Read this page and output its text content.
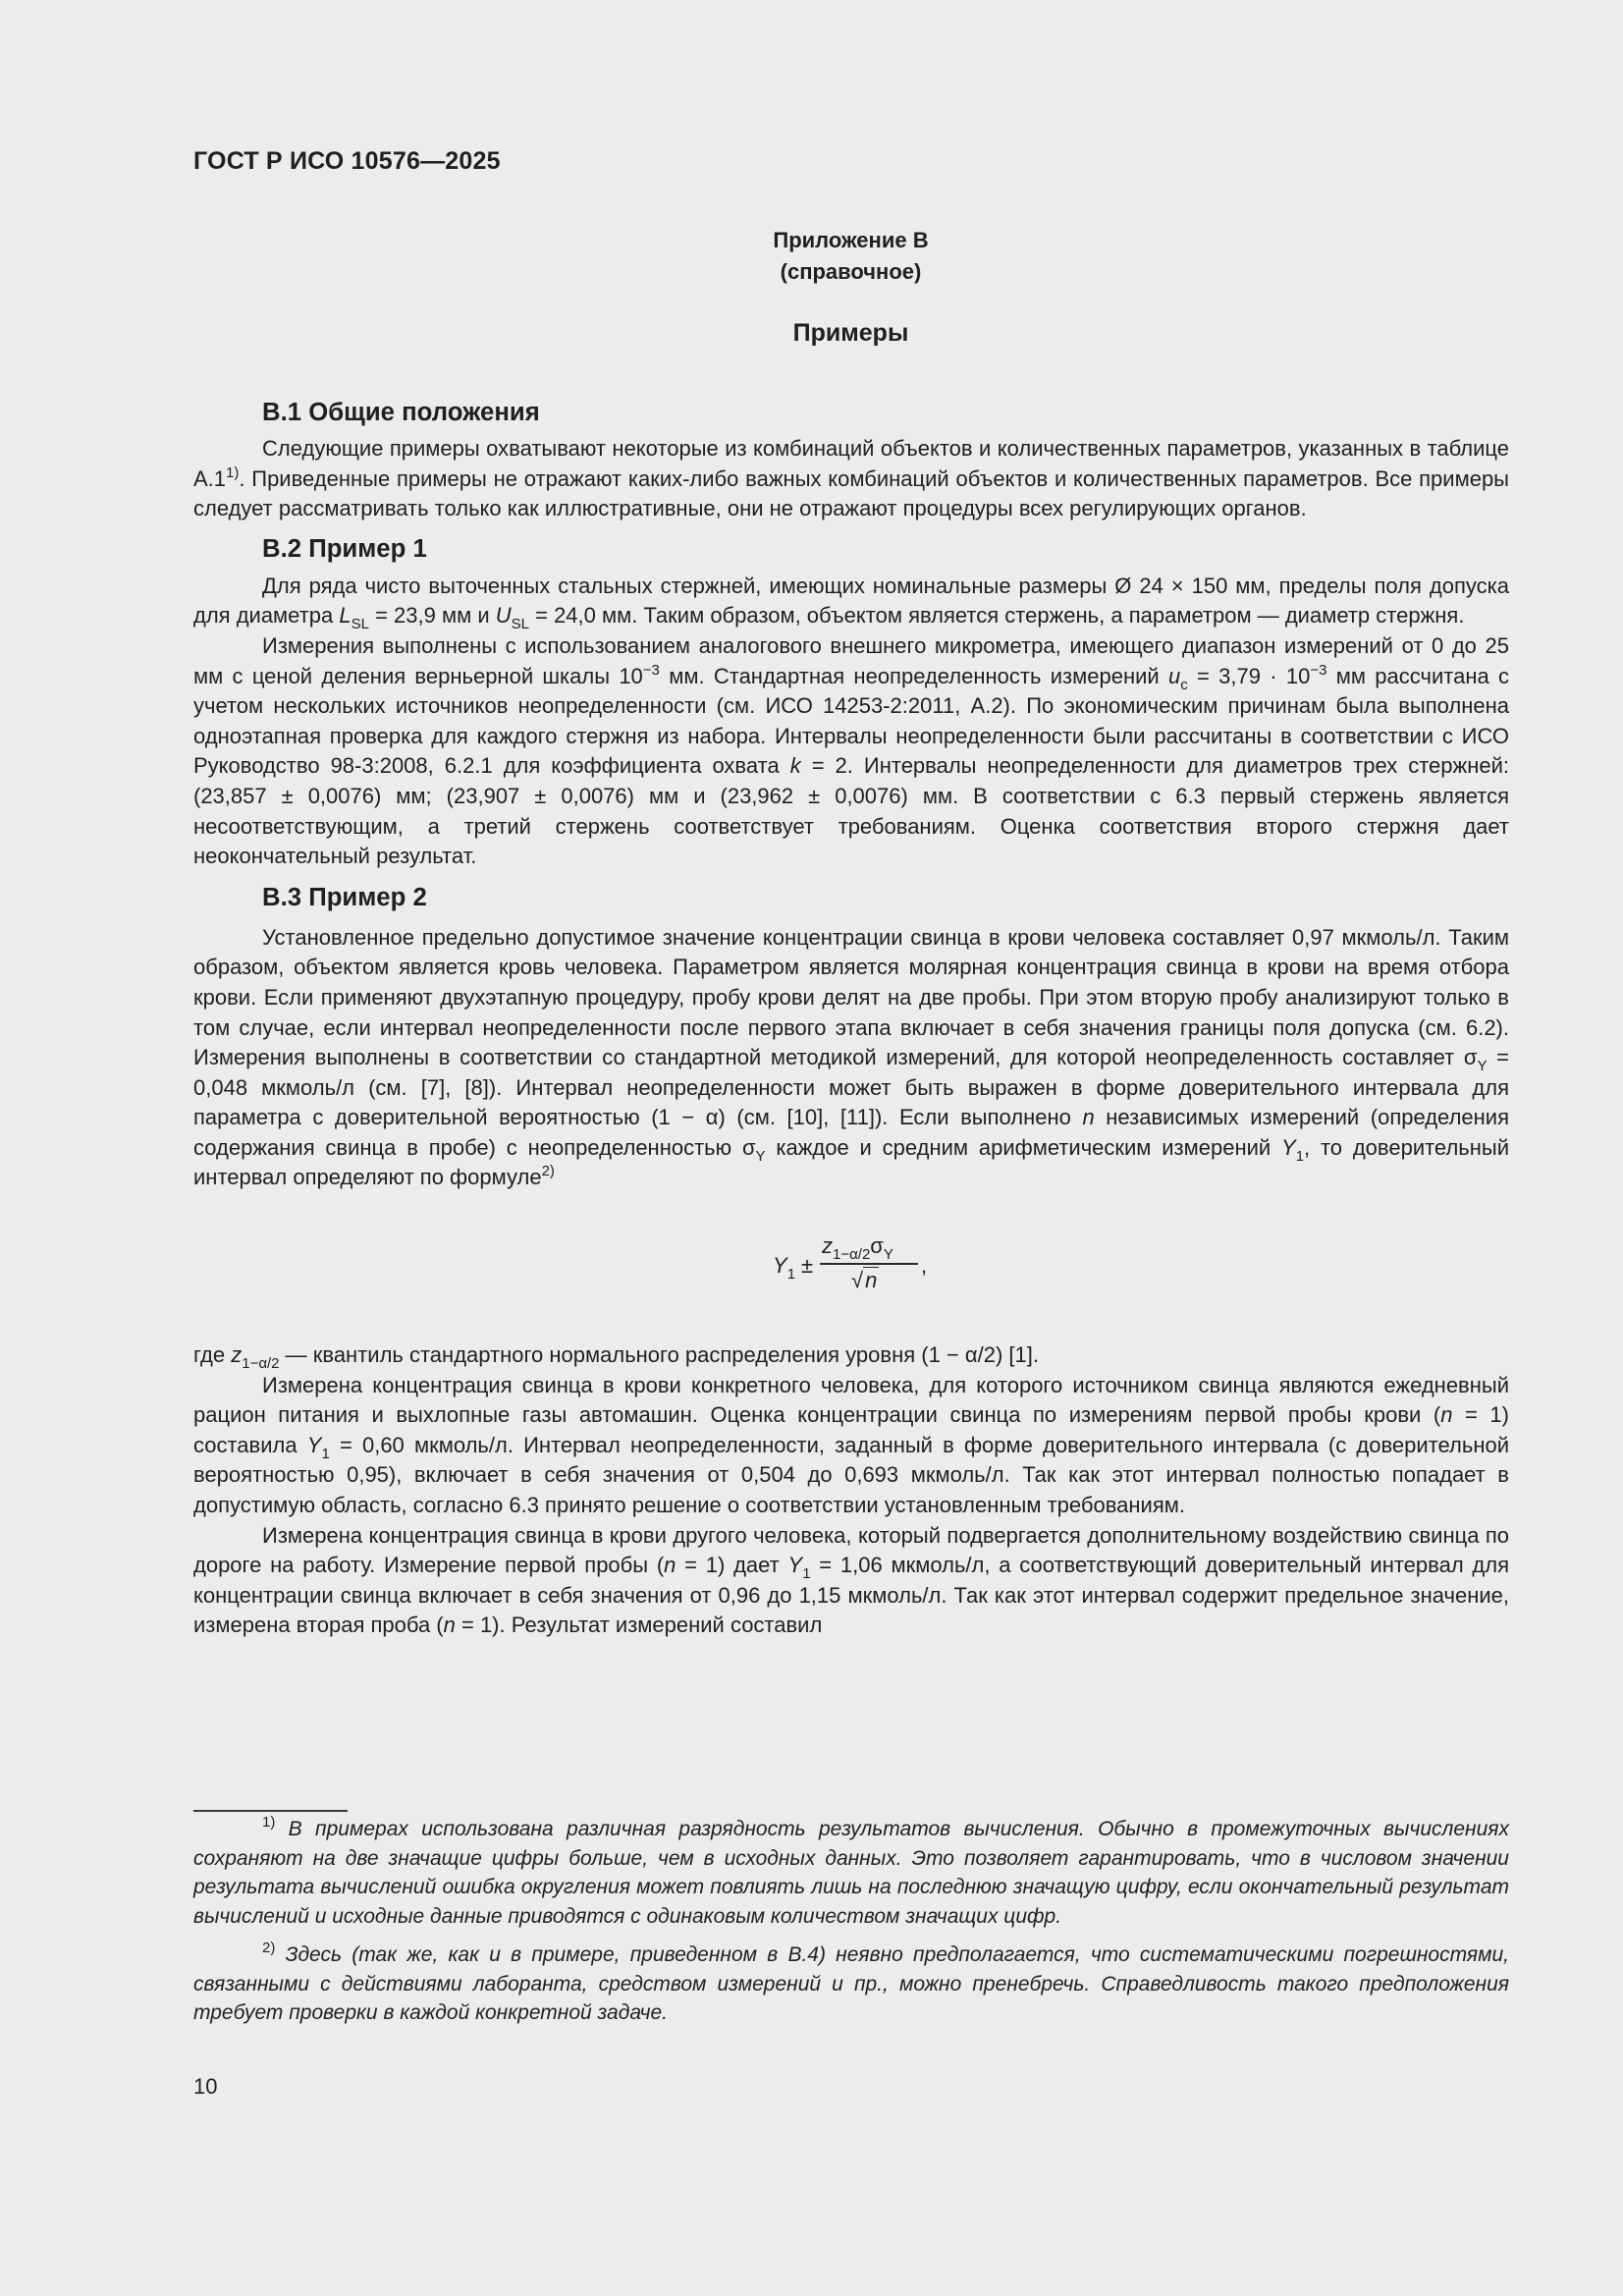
ГОСТ Р ИСО 10576—2025
Приложение В
(справочное)
Примеры
В.1 Общие положения

Следующие примеры охватывают некоторые из комбинаций объектов и количественных параметров, указанных в таблице А.1$^{1)}$. Приведенные примеры не отражают каких-либо важных комбинаций объектов и количественных параметров. Все примеры следует рассматривать только как иллюстративные, они не отражают процедуры всех регулирующих органов.

В.2 Пример 1

Для ряда чисто выточенных стальных стержней, имеющих номинальные размеры Ø 24 × 150 мм, пределы поля допуска для диаметра $L_{SL} = 23,9$ мм и $U_{SL} = 24,0$ мм. Таким образом, объектом является стержень, а параметром — диаметр стержня.

Измерения выполнены с использованием аналогового внешнего микрометра, имеющего диапазон измерений от 0 до 25 мм с ценой деления верньерной шкалы $10^{-3}$ мм. Стандартная неопределенность измерений $u_c = 3,79 \cdot 10^{-3}$ мм рассчитана с учетом нескольких источников неопределенности (см. ИСО 14253-2:2011, А.2). По экономическим причинам была выполнена одноэтапная проверка для каждого стержня из набора. Интервалы неопределенности были рассчитаны в соответствии с ИСО Руководство 98-3:2008, 6.2.1 для коэффициента охвата k = 2. Интервалы неопределенности для диаметров трех стержней: (23,857 ± 0,0076) мм; (23,907 ± 0,0076) мм и (23,962 ± 0,0076) мм. В соответствии с 6.3 первый стержень является несоответствующим, а третий стержень соответствует требованиям. Оценка соответствия второго стержня дает неокончательный результат.

В.3 Пример 2

Установленное предельно допустимое значение концентрации свинца в крови человека составляет 0,97 мкмоль/л. Таким образом, объектом является кровь человека. Параметром является молярная концентрация свинца в крови на время отбора крови. Если применяют двухэтапную процедуру, пробу крови делят на две пробы. При этом вторую пробу анализируют только в том случае, если интервал неопределенности после первого этапа включает в себя значения границы поля допуска (см. 6.2). Измерения выполнены в соответствии со стандартной методикой измерений, для которой неопределенность составляет $\sigma_Y = 0,048$ мкмоль/л (см. [7], [8]). Интервал неопределенности может быть выражен в форме доверительного интервала для параметра с доверительной вероятностью (1 − α) (см. [10], [11]). Если выполнено n независимых измерений (определения содержания свинца в пробе) с неопределенностью $\sigma_Y$ каждое и средним арифметическим измерений $Y_1$, то доверительный интервал определяют по формуле$^{2)}$

$Y_1$ ±
$z_{1-\alpha/2}\sigma_Y$
√n
,

где $z_{1-\alpha/2}$ — квантиль стандартного нормального распределения уровня (1 − α/2) [1].

Измерена концентрация свинца в крови конкретного человека, для которого источником свинца являются ежедневный рацион питания и выхлопные газы автомашин. Оценка концентрации свинца по измерениям первой пробы крови (n = 1) составила $Y_1 = 0,60$ мкмоль/л. Интервал неопределенности, заданный в форме доверительного интервала (с доверительной вероятностью 0,95), включает в себя значения от 0,504 до 0,693 мкмоль/л. Так как этот интервал полностью попадает в допустимую область, согласно 6.3 принято решение о соответствии установленным требованиям.

Измерена концентрация свинца в крови другого человека, который подвергается дополнительному воздействию свинца по дороге на работу. Измерение первой пробы (n = 1) дает $Y_1 = 1,06$ мкмоль/л, а соответствующий доверительный интервал для концентрации свинца включает в себя значения от 0,96 до 1,15 мкмоль/л. Так как этот интервал содержит предельное значение, измерена вторая проба (n = 1). Результат измерений составил

$^{1)}$ В примерах использована различная разрядность результатов вычисления. Обычно в промежуточных вычислениях сохраняют на две значащие цифры больше, чем в исходных данных. Это позволяет гарантировать, что в числовом значении результата вычислений ошибка округления может повлиять лишь на последнюю значащую цифру, если окончательный результат вычислений и исходные данные приводятся с одинаковым количеством значащих цифр.

$^{2)}$ Здесь (так же, как и в примере, приведенном в В.4) неявно предполагается, что систематическими погрешностями, связанными с действиями лаборанта, средством измерений и пр., можно пренебречь. Справедливость такого предположения требует проверки в каждой конкретной задаче.

10
